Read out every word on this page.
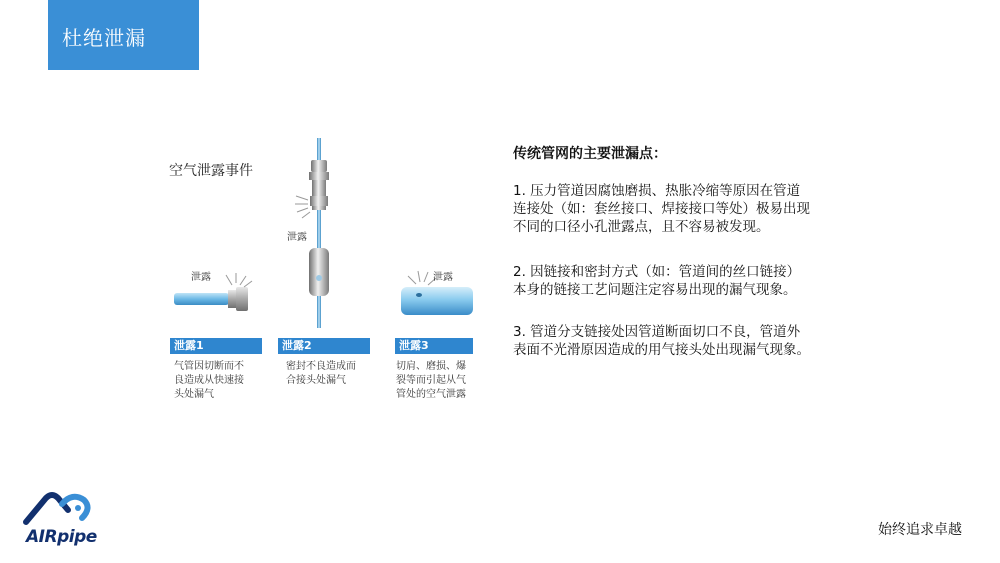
杜绝泄漏
空气泄露事件
泄露
泄露
泄露
泄露1	泄露2	泄露3
气管因切断而不
良造成从快速接
头处漏气
密封不良造成而
合接头处漏气
切肩、磨损、爆
裂等而引起从气
管处的空气泄露
传统管网的主要泄漏点：
1. 压力管道因腐蚀磨损、热胀冷缩等原因在管道连接处（如：套丝接口、焊接接口等处）极易出现不同的口径小孔泄露点，且不容易被发现。
2. 因链接和密封方式（如：管道间的丝口链接）本身的链接工艺问题注定容易出现的漏气现象。
3. 管道分支链接处因管道断面切口不良，管道外表面不光滑原因造成的用气接头处出现漏气现象。
AIRpipe	始终追求卓越
